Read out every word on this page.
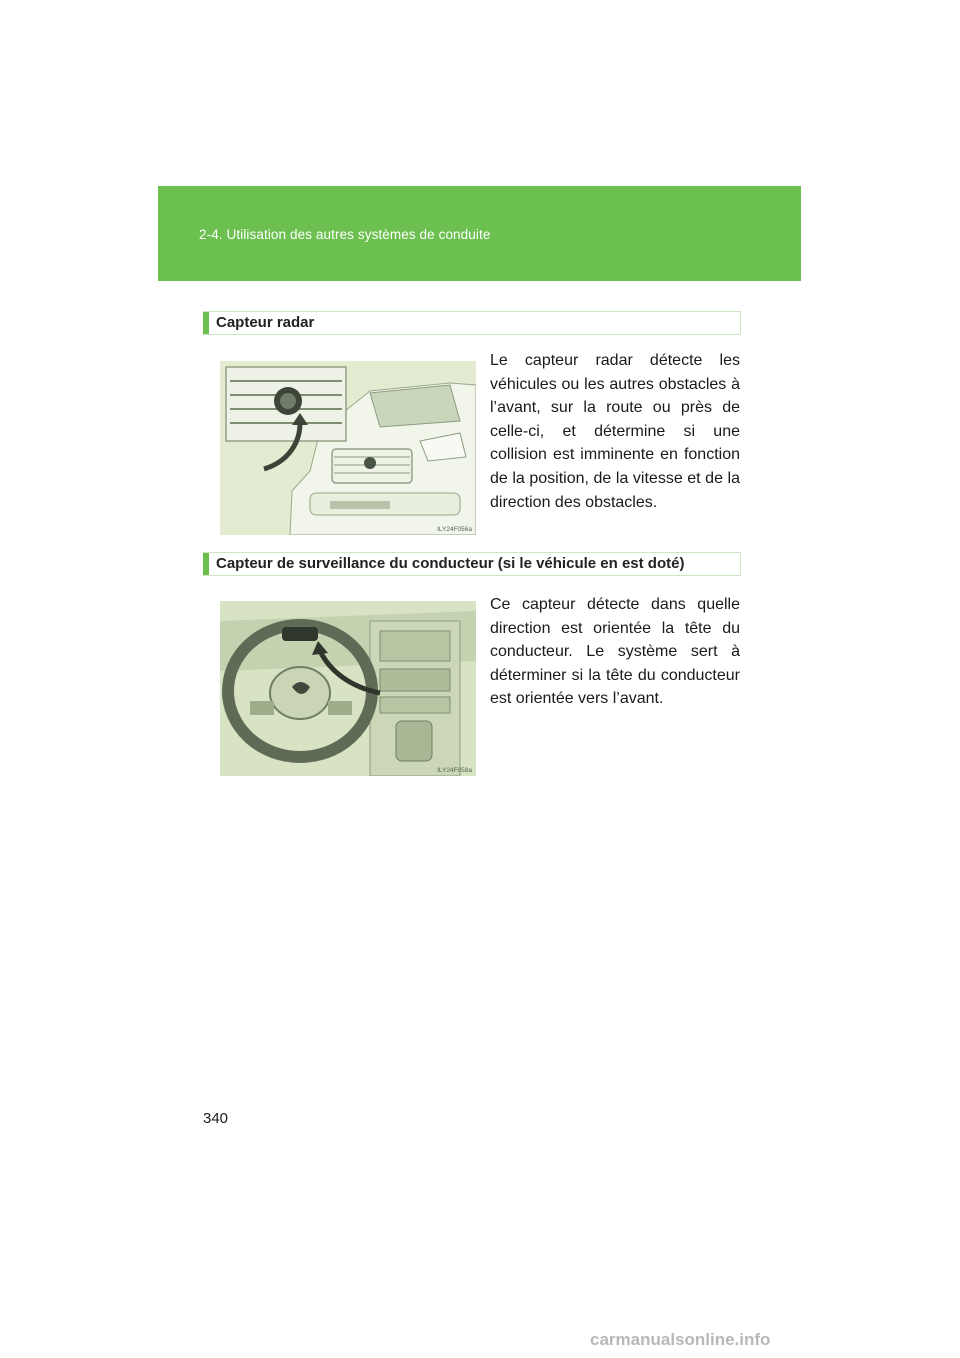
2-4. Utilisation des autres systèmes de conduite
Capteur radar
ILY24F056a
Le capteur radar détecte les véhicules ou les autres obstacles à l’avant, sur la route ou près de celle-ci, et détermine si une collision est imminente en fonction de la position, de la vitesse et de la direction des obstacles.
Capteur de surveillance du conducteur (si le véhicule en est doté)
ILY24F058a
Ce capteur détecte dans quelle direction est orientée la tête du conducteur. Le système sert à déterminer si la tête du conducteur est orientée vers l’avant.
340
carmanualsonline.info
